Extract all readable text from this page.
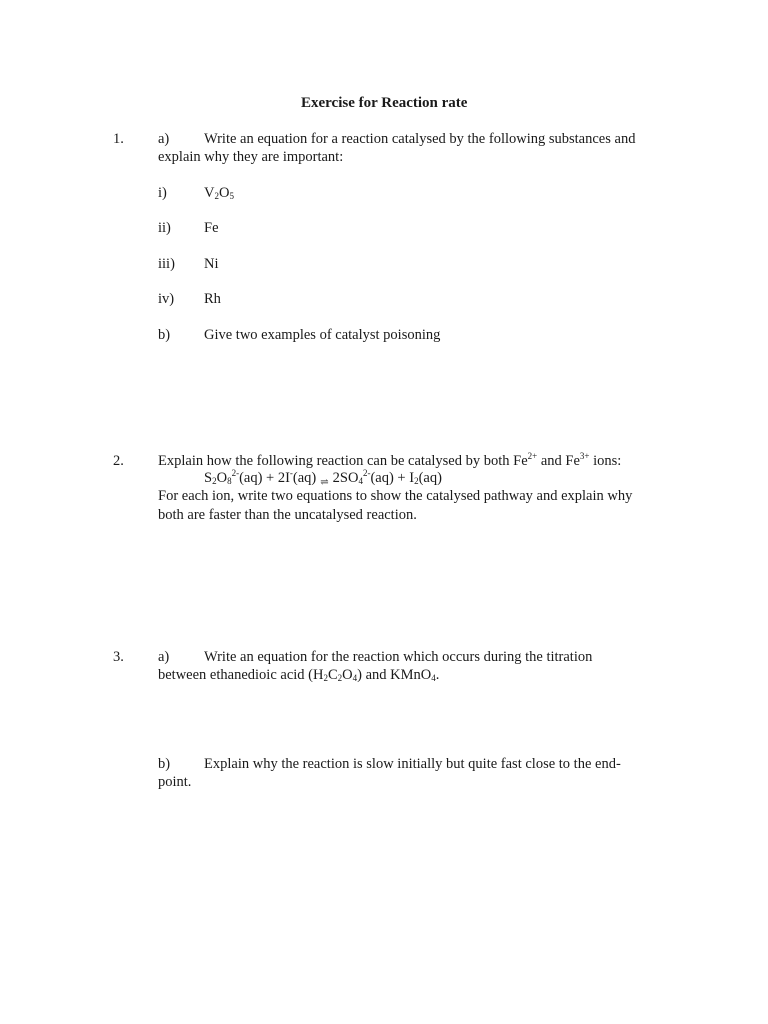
Exercise for Reaction rate
1. a) Write an equation for a reaction catalysed by the following substances and
explain why they are important:
i)	$V_2O_5$
ii) Fe
iii) Ni
iv) Rh
b) Give two examples of catalyst poisoning
2. Explain how the following reaction can be catalysed by both $Fe^{2+}$ and $Fe^{3+}$ ions:
$S_2O_8^{2-}(aq) + 2I^-(aq)$ ⇌ $2SO_4^{2-}(aq) + I_2(aq)$
For each ion, write two equations to show the catalysed pathway and explain why
both are faster than the uncatalysed reaction.
3. a) Write an equation for the reaction which occurs during the titration
between ethanedioic acid $(H_2C_2O_4)$ and KMnO$_4$.
b) Explain why the reaction is slow initially but quite fast close to the end-
point.
